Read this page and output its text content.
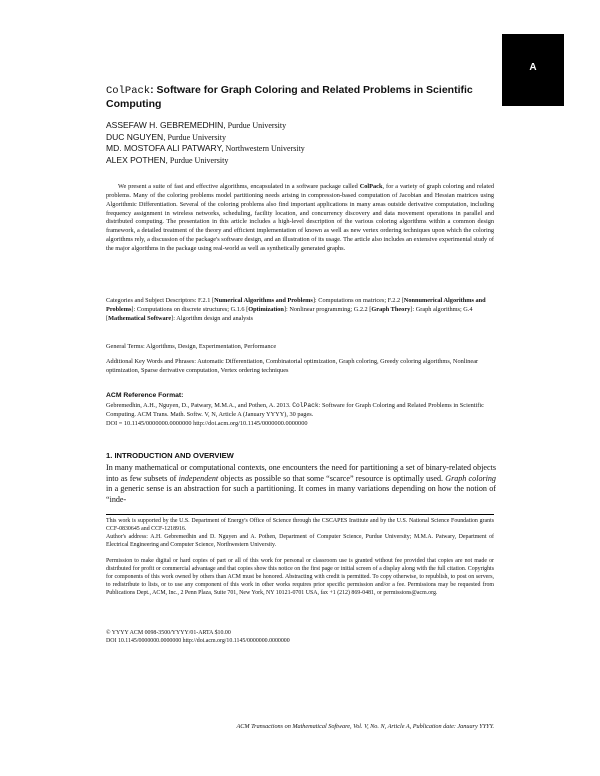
A
ColPack: Software for Graph Coloring and Related Problems in Scientific Computing
ASSEFAW H. GEBREMEDHIN, Purdue University
DUC NGUYEN, Purdue University
MD. MOSTOFA ALI PATWARY, Northwestern University
ALEX POTHEN, Purdue University

We present a suite of fast and effective algorithms, encapsulated in a software package called ColPack, for a variety of graph coloring and related problems. Many of the coloring problems model partitioning needs arising in compression-based computation of Jacobian and Hessian matrices using Algorithmic Differentiation. Several of the coloring problems also find important applications in many areas outside derivative computation, including frequency assignment in wireless networks, scheduling, facility location, and concurrency discovery and data movement operations in parallel and distributed computing. The presentation in this article includes a high-level description of the various coloring algorithms within a common design framework, a detailed treatment of the theory and efficient implementation of known as well as new vertex ordering techniques upon which the coloring algorithms rely, a discussion of the package's software design, and an illustration of its usage. The article also includes an extensive experimental study of the major algorithms in the package using real-world as well as synthetically generated graphs.

Categories and Subject Descriptors: F.2.1 [Numerical Algorithms and Problems]: Computations on matrices; F.2.2 [Nonnumerical Algorithms and Problems]: Computations on discrete structures; G.1.6 [Optimization]: Nonlinear programming; G.2.2 [Graph Theory]: Graph algorithms; G.4 [Mathematical Software]: Algorithm design and analysis

General Terms: Algorithms, Design, Experimentation, Performance

Additional Key Words and Phrases: Automatic Differentiation, Combinatorial optimization, Graph coloring, Greedy coloring algorithms, Nonlinear optimization, Sparse derivative computation, Vertex ordering techniques

ACM Reference Format:

Gebremedhin, A.H., Nguyen, D., Patwary, M.M.A., and Pothen, A. 2013. ColPack: Software for Graph Coloring and Related Problems in Scientific Computing. ACM Trans. Math. Softw. V, N, Article A (January YYYY), 30 pages.
DOI = 10.1145/0000000.0000000 http://doi.acm.org/10.1145/0000000.0000000

1. INTRODUCTION AND OVERVIEW

In many mathematical or computational contexts, one encounters the need for partitioning a set of binary-related objects into as few subsets of independent objects as possible so that some “scarce” resource is optimally used. Graph coloring in a generic sense is an abstraction for such a partitioning. It comes in many variations depending on how the notion of “inde-

This work is supported by the U.S. Department of Energy's Office of Science through the CSCAPES Institute and by the U.S. National Science Foundation grants CCF-0830645 and CCF-1218916.

Author's address: A.H. Gebremedhin and D. Nguyen and A. Pothen, Department of Computer Science, Purdue University; M.M.A. Patwary, Department of Electrical Engineering and Computer Science, Northwestern University.

Permission to make digital or hard copies of part or all of this work for personal or classroom use is granted without fee provided that copies are not made or distributed for profit or commercial advantage and that copies show this notice on the first page or initial screen of a display along with the full citation. Copyrights for components of this work owned by others than ACM must be honored. Abstracting with credit is permitted. To copy otherwise, to republish, to post on servers, to redistribute to lists, or to use any component of this work in other works requires prior specific permission and/or a fee. Permissions may be requested from Publications Dept., ACM, Inc., 2 Penn Plaza, Suite 701, New York, NY 10121-0701 USA, fax +1 (212) 869-0481, or permissions@acm.org.

© YYYY ACM 0098-3500/YYYY/01-ARTA $10.00

DOI 10.1145/0000000.0000000 http://doi.acm.org/10.1145/0000000.0000000

ACM Transactions on Mathematical Software, Vol. V, No. N, Article A, Publication date: January YYYY.
